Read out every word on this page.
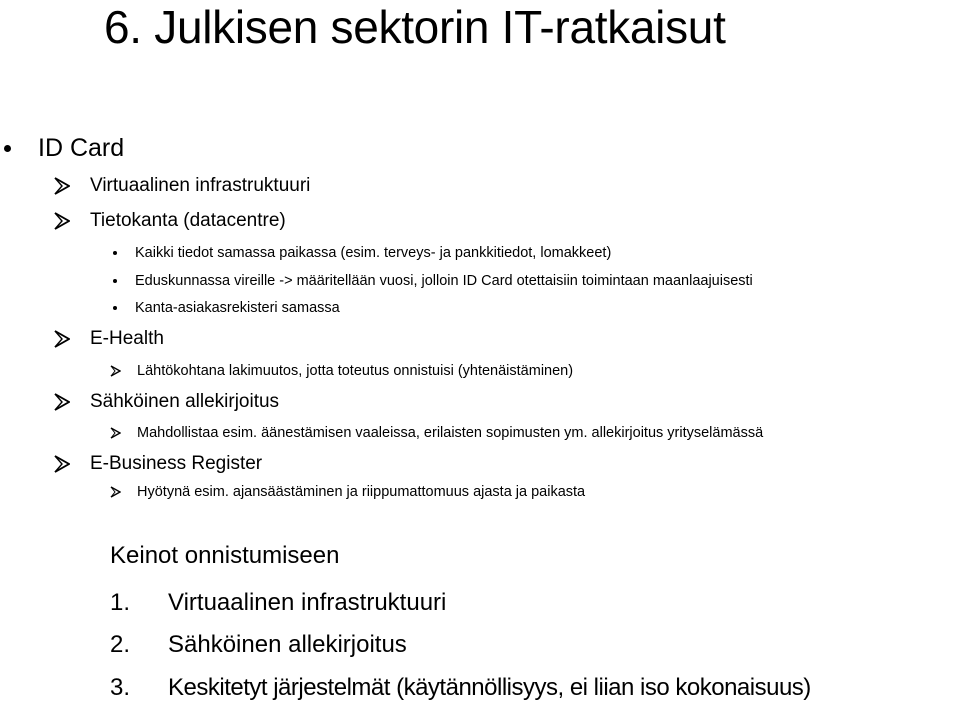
6. Julkisen sektorin IT-ratkaisut
ID Card
Virtuaalinen infrastruktuuri
Tietokanta (datacentre)
Kaikki tiedot samassa paikassa (esim. terveys- ja pankkitiedot, lomakkeet)
Eduskunnassa vireille -> määritellään vuosi, jolloin ID Card otettaisiin toimintaan maanlaajuisesti
Kanta-asiakasrekisteri samassa
E-Health
Lähtökohtana lakimuutos, jotta toteutus onnistuisi (yhtenäistäminen)
Sähköinen allekirjoitus
Mahdollistaa esim. äänestämisen vaaleissa, erilaisten sopimusten ym. allekirjoitus yrityselämässä
E-Business Register
Hyötynä esim. ajansäästäminen ja riippumattomuus ajasta ja paikasta
Keinot onnistumiseen
1.	Virtuaalinen infrastruktuuri
2.	Sähköinen allekirjoitus
3.	Keskitetyt järjestelmät (käytännöllisyys, ei liian iso kokonaisuus)
